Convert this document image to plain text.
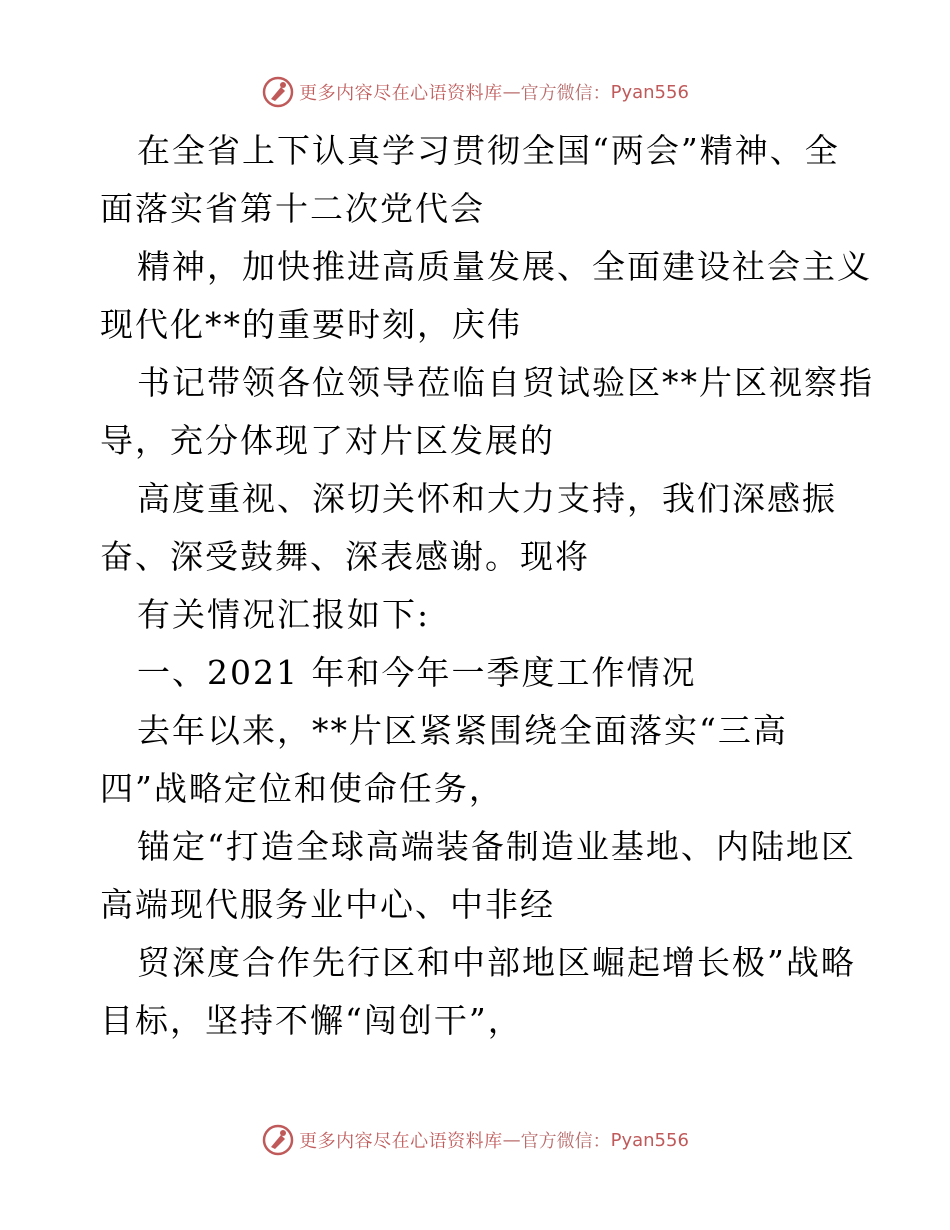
更多内容尽在心语资料库 — 官方微信： Pyan556
在全省上下认真学习贯彻全国“两会”精神、全
面落实省第十二次党代会
精神，加快推进高质量发展、全面建设社会主义
现代化**的重要时刻，庆伟
书记带领各位领导莅临自贸试验区**片区视察指
导，充分体现了对片区发展的
高度重视、深切关怀和大力支持，我们深感振
奋、深受鼓舞、深表感谢。现将
有关情况汇报如下:
一、2021 年和今年一季度工作情况
去年以来，**片区紧紧围绕全面落实“三高
四”战略定位和使命任务，
锚定“打造全球高端装备制造业基地、内陆地区
高端现代服务业中心、中非经
贸深度合作先行区和中部地区崛起增长极”战略
目标，坚持不懈“闯创干”，
更多内容尽在心语资料库 — 官方微信： Pyan556
